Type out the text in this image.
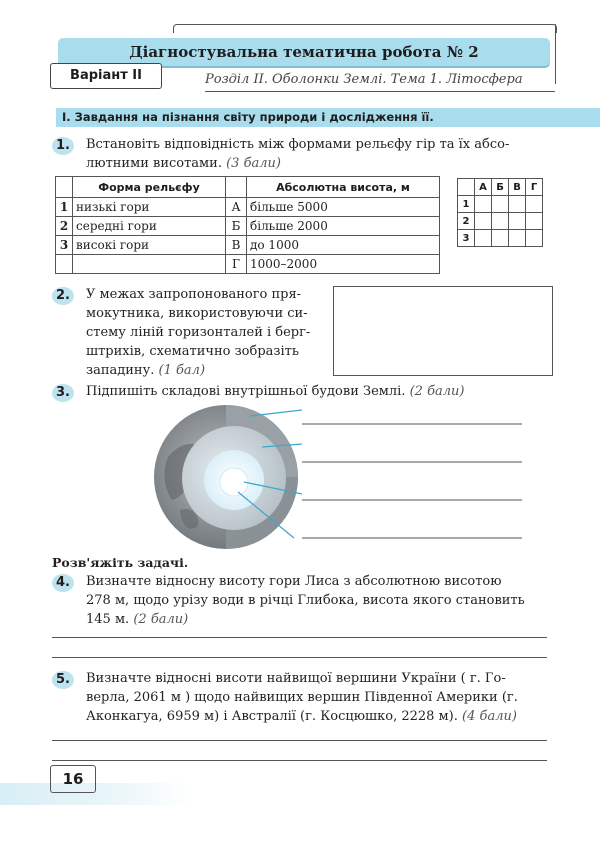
Діагностувальна тематична робота № 2
Варіант II	Розділ II. Оболонки Землі. Тема 1. Літосфера
І. Завдання на пізнання світу природи і дослідження її.
1.	Встановіть відповідність між формами рельєфу гір та їх абсо-
лютними висотами. (3 бали)
	Форма рельєфу		Абсолютна висота, м
1	низькі гори	А	більше 5000
2	середні гори	Б	більше 2000
3	високі гори	В	до 1000
		Г	1000–2000
	А	Б	В	Г
1				
2				
3				
2.	У межах запропонованого пря-
мокутника, використовуючи си-
стему ліній горизонталей і берг-
штрихів, схематично зобразіть
западину. (1 бал)
3.	Підпишіть складові внутрішньої будови Землі. (2 бали)
Розв'яжіть задачі.
4.	Визначте відносну висоту гори Лиса з абсолютною висотою
278 м, щодо урізу води в річці Глибока, висота якого становить
145 м. (2 бали)
5.	Визначте відносні висоти найвищої вершини України ( г. Го-
верла, 2061 м ) щодо найвищих вершин Південної Америки (г.
Аконкагуа, 6959 м) і Австралії (г. Косцюшко, 2228 м). (4 бали)
16
